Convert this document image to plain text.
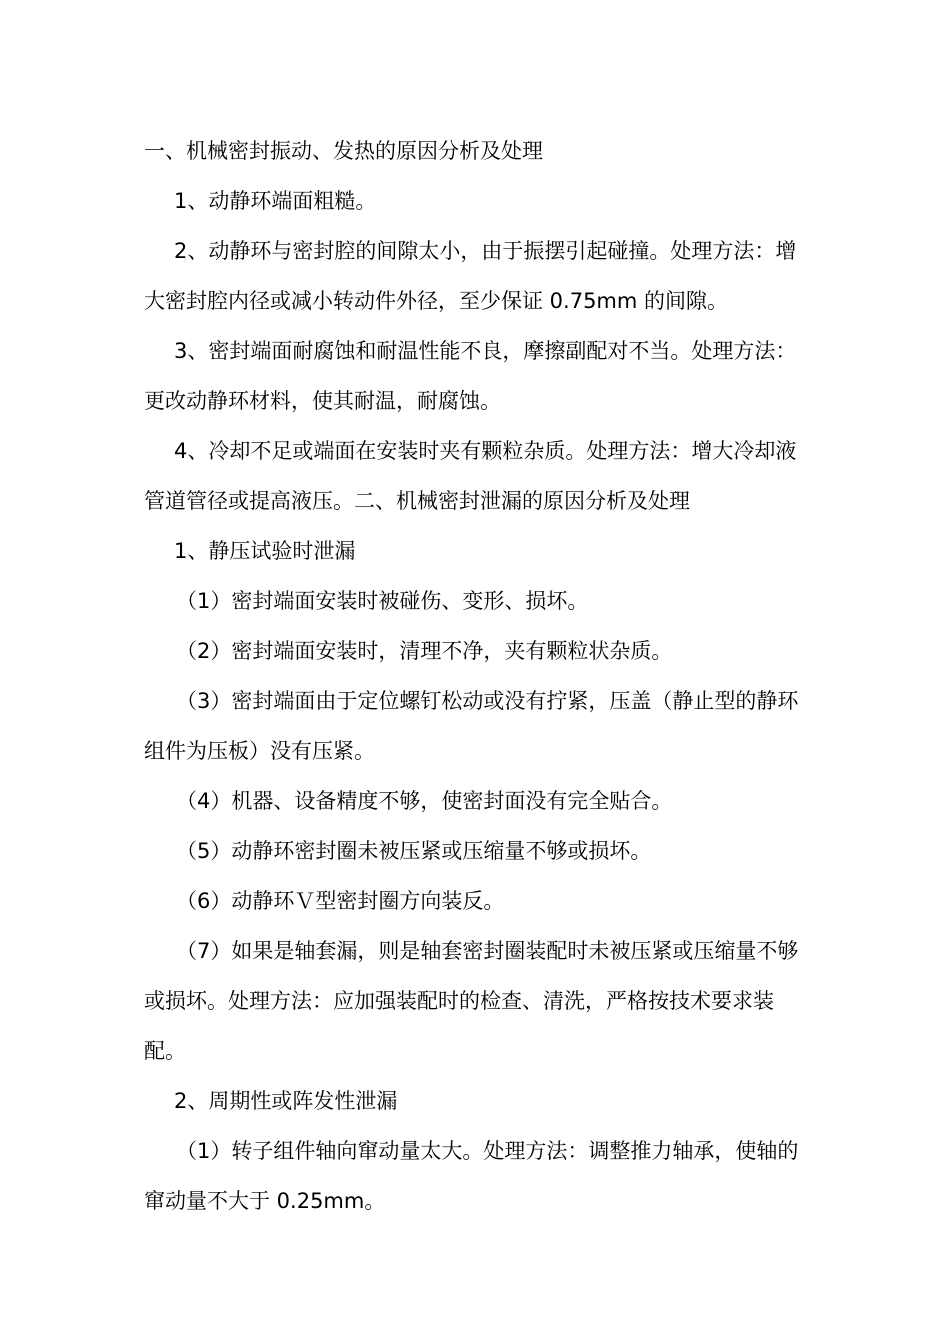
一、机械密封振动、发热的原因分析及处理

1、动静环端面粗糙。

2、动静环与密封腔的间隙太小，由于振摆引起碰撞。处理方法：增大密封腔内径或减小转动件外径，至少保证 0.75mm 的间隙。

3、密封端面耐腐蚀和耐温性能不良，摩擦副配对不当。处理方法：更改动静环材料，使其耐温，耐腐蚀。

4、冷却不足或端面在安装时夹有颗粒杂质。处理方法：增大冷却液管道管径或提高液压。二、机械密封泄漏的原因分析及处理

1、静压试验时泄漏

（1）密封端面安装时被碰伤、变形、损坏。

（2）密封端面安装时，清理不净，夹有颗粒状杂质。

（3）密封端面由于定位螺钉松动或没有拧紧，压盖（静止型的静环组件为压板）没有压紧。

（4）机器、设备精度不够，使密封面没有完全贴合。

（5）动静环密封圈未被压紧或压缩量不够或损坏。

（6）动静环Ｖ型密封圈方向装反。

（7）如果是轴套漏，则是轴套密封圈装配时未被压紧或压缩量不够或损坏。处理方法：应加强装配时的检查、清洗，严格按技术要求装配。

2、周期性或阵发性泄漏

（1）转子组件轴向窜动量太大。处理方法：调整推力轴承，使轴的窜动量不大于 0.25mm。
